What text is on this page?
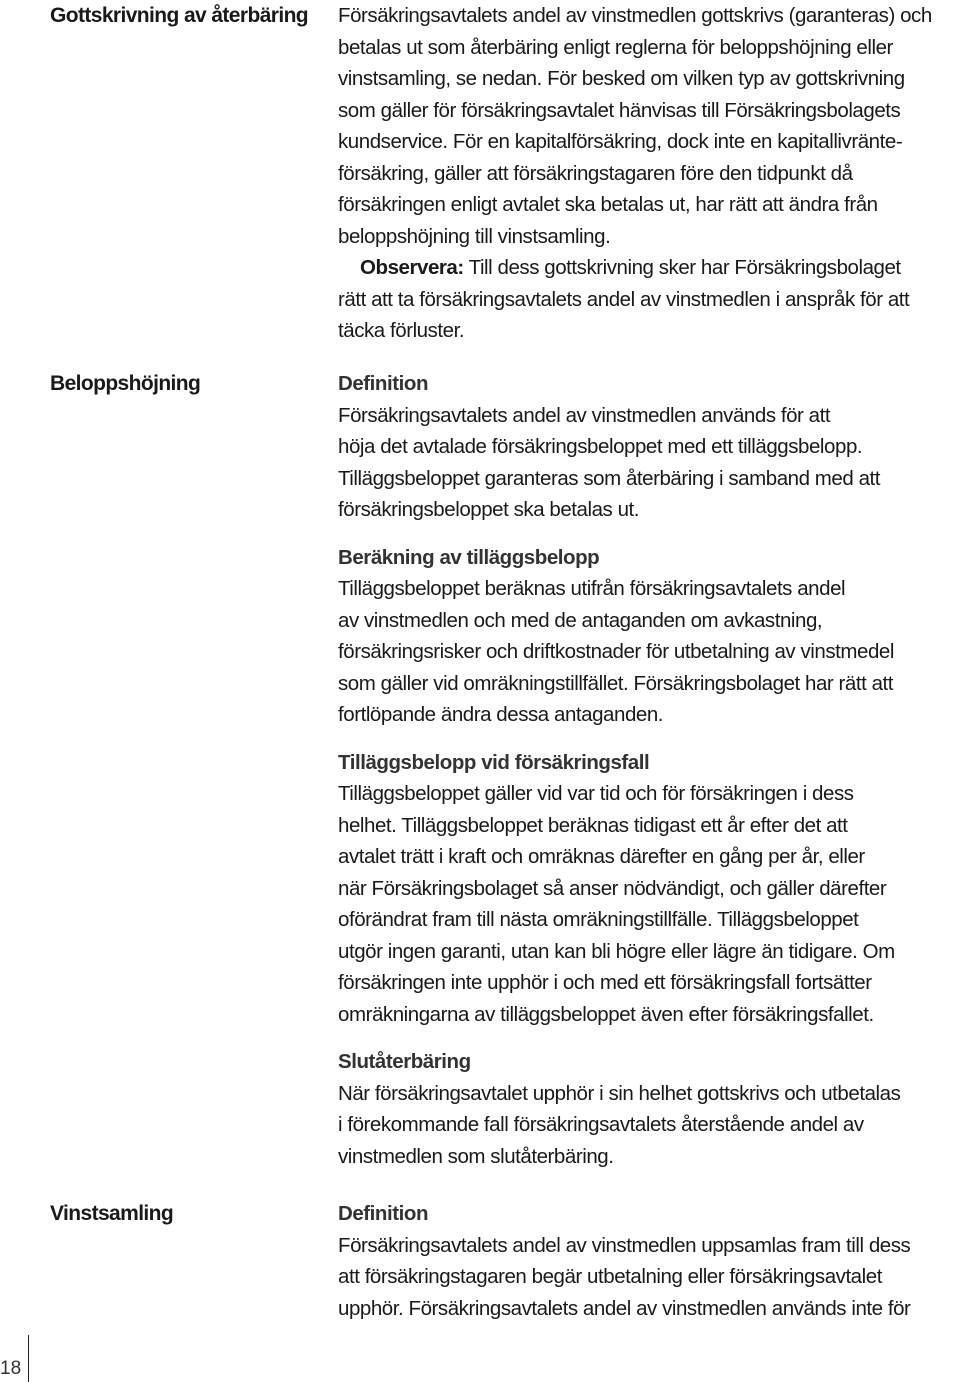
Gottskrivning av återbäring	Försäkringsavtalets andel av vinstmedlen gottskrivs (garanteras) och
betalas ut som återbäring enligt reglerna för beloppshöjning eller
vinstsamling, se nedan. För besked om vilken typ av gottskrivning
som gäller för försäkringsavtalet hänvisas till Försäkringsbolagets
kundservice. För en kapitalförsäkring, dock inte en kapitallivränte-
försäkring, gäller att försäkringstagaren före den tidpunkt då
försäkringen enligt avtalet ska betalas ut, har rätt att ändra från
beloppshöjning till vinstsamling.
Observera: Till dess gottskrivning sker har Försäkringsbolaget
rätt att ta försäkringsavtalets andel av vinstmedlen i anspråk för att
täcka förluster.
Beloppshöjning	Definition
Försäkringsavtalets andel av vinstmedlen används för att
höja det avtalade försäkringsbeloppet med ett tilläggsbelopp.
Tilläggsbeloppet garanteras som återbäring i samband med att
försäkringsbeloppet ska betalas ut.
Beräkning av tilläggsbelopp
Tilläggsbeloppet beräknas utifrån försäkringsavtalets andel
av vinstmedlen och med de antaganden om avkastning,
försäkringsrisker och driftkostnader för utbetalning av vinstmedel
som gäller vid omräkningstillfället. Försäkringsbolaget har rätt att
fortlöpande ändra dessa antaganden.
Tilläggsbelopp vid försäkringsfall
Tilläggsbeloppet gäller vid var tid och för försäkringen i dess
helhet. Tilläggsbeloppet beräknas tidigast ett år efter det att
avtalet trätt i kraft och omräknas därefter en gång per år, eller
när Försäkringsbolaget så anser nödvändigt, och gäller därefter
oförändrat fram till nästa omräkningstillfälle. Tilläggsbeloppet
utgör ingen garanti, utan kan bli högre eller lägre än tidigare. Om
försäkringen inte upphör i och med ett försäkringsfall fortsätter
omräkningarna av tilläggsbeloppet även efter försäkringsfallet.
Slutåterbäring
När försäkringsavtalet upphör i sin helhet gottskrivs och utbetalas
i förekommande fall försäkringsavtalets återstående andel av
vinstmedlen som slutåterbäring.
Vinstsamling	Definition
Försäkringsavtalets andel av vinstmedlen uppsamlas fram till dess
att försäkringstagaren begär utbetalning eller försäkringsavtalet
upphör. Försäkringsavtalets andel av vinstmedlen används inte för
18
